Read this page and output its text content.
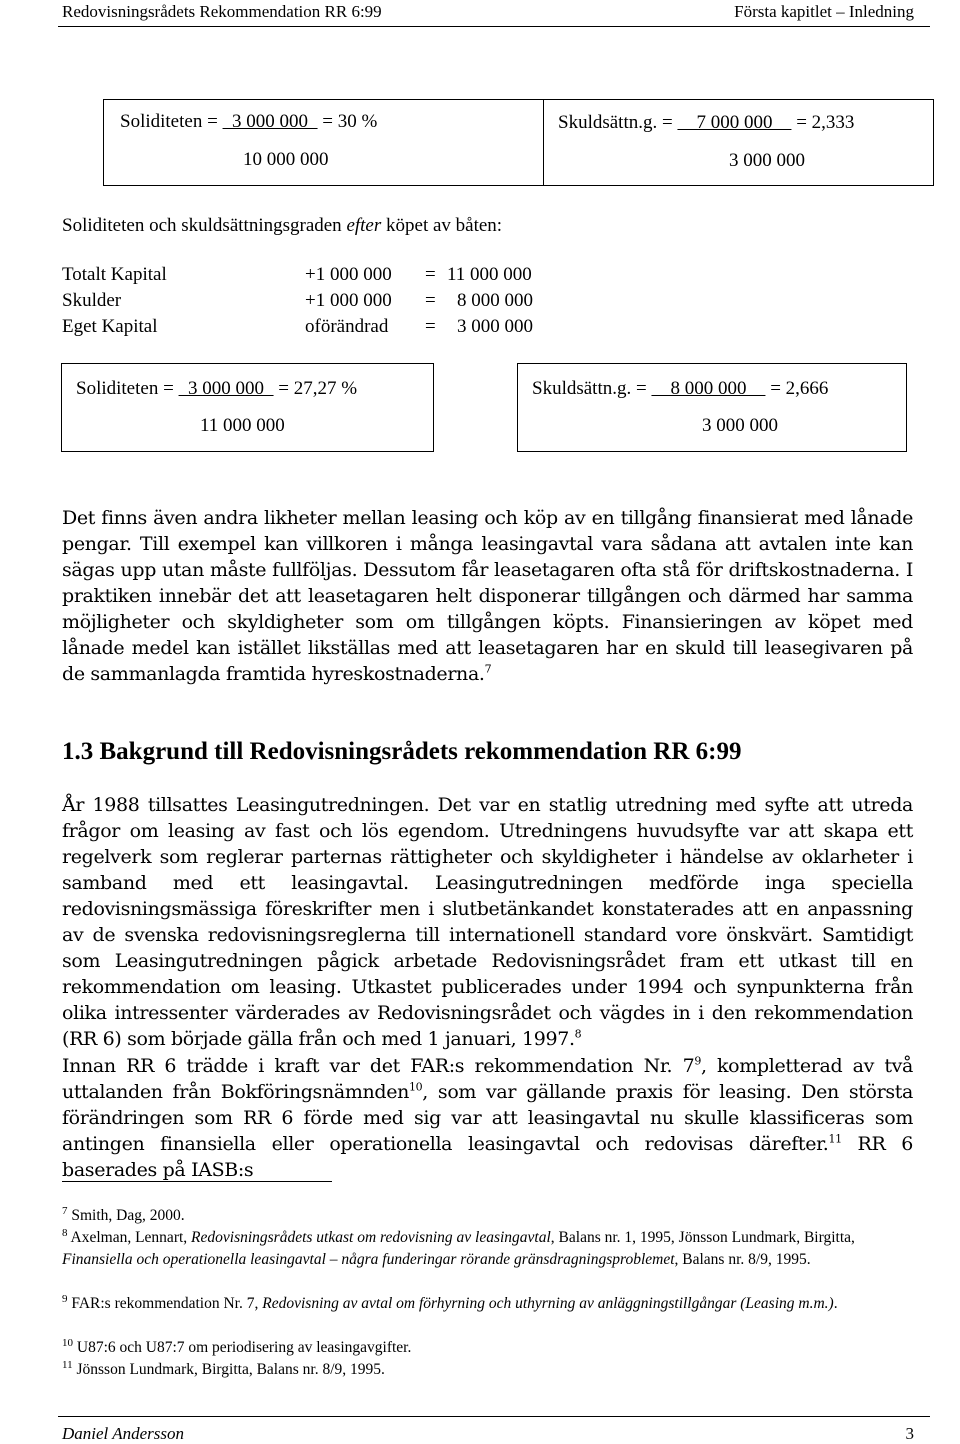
Redovisningsrådets Rekommendation RR 6:99	Första kapitlet – Inledning
Soliditeten =   3 000 000   = 30 %
10 000 000
Skuldsättn.g. =     7 000 000     = 2,333
3 000 000
Soliditeten och skuldsättningsgraden efter köpet av båten:
Totalt Kapital	+1 000 000 = 11 000 000
Skulder	+1 000 000 = 8 000 000
Eget Kapital	oförändrad = 3 000 000
Soliditeten =   3 000 000   = 27,27 %
11 000 000
Skuldsättn.g. =     8 000 000     = 2,666
3 000 000
Det finns även andra likheter mellan leasing och köp av en tillgång finansierat med lånade pengar. Till exempel kan villkoren i många leasingavtal vara sådana att avtalen inte kan sägas upp utan måste fullföljas. Dessutom får leasetagaren ofta stå för driftskostnaderna. I praktiken innebär det att leasetagaren helt disponerar tillgången och därmed har samma möjligheter och skyldigheter som om tillgången köpts. Finansieringen av köpet med lånade medel kan istället likställas med att leasetagaren har en skuld till leasegivaren på de sammanlagda framtida hyreskostnaderna.$^7$
1.3 Bakgrund till Redovisningsrådets rekommendation RR 6:99
År 1988 tillsattes Leasingutredningen. Det var en statlig utredning med syfte att utreda frågor om leasing av fast och lös egendom. Utredningens huvudsyfte var att skapa ett regelverk som reglerar parternas rättigheter och skyldigheter i händelse av oklarheter i samband med ett leasingavtal. Leasingutredningen medförde inga speciella redovisningsmässiga föreskrifter men i slutbetänkandet konstaterades att en anpassning av de svenska redovisningsreglerna till internationell standard vore önskvärt. Samtidigt som Leasingutredningen pågick arbetade Redovisningsrådet fram ett utkast till en rekommendation om leasing. Utkastet publicerades under 1994 och synpunkterna från olika intressenter värderades av Redovisningsrådet och vägdes in i den rekommendation (RR 6) som började gälla från och med 1 januari, 1997.$^8$
Innan RR 6 trädde i kraft var det FAR:s rekommendation Nr. $7^9$, kompletterad av två uttalanden från Bokföringsnämnden$^{10}$, som var gällande praxis för leasing. Den största förändringen som RR 6 förde med sig var att leasingavtal nu skulle klassificeras som antingen finansiella eller operationella leasingavtal och redovisas därefter.$^{11}$ RR 6 baserades på IASB:s
$^7$ Smith, Dag, 2000.
$^8$ Axelman, Lennart, Redovisningsrådets utkast om redovisning av leasingavtal, Balans nr. 1, 1995, Jönsson Lundmark, Birgitta, Finansiella och operationella leasingavtal – några funderingar rörande gränsdragningsproblemet, Balans nr. 8/9, 1995.
$^9$ FAR:s rekommendation Nr. 7, Redovisning av avtal om förhyrning och uthyrning av anläggningstillgångar (Leasing m.m.).
$^{10}$ U87:6 och U87:7 om periodisering av leasingavgifter.
$^{11}$ Jönsson Lundmark, Birgitta, Balans nr. 8/9, 1995.
Daniel Andersson	3
